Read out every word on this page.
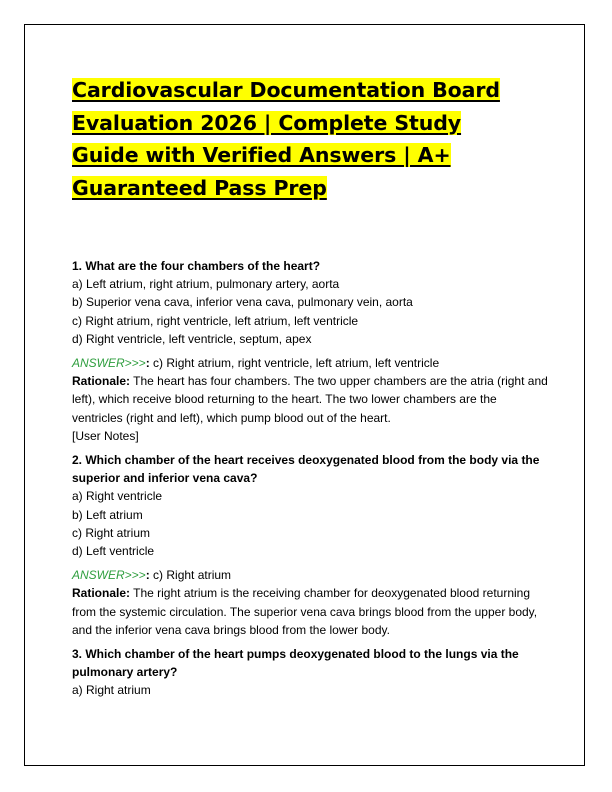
Cardiovascular Documentation Board
Evaluation 2026 | Complete Study
Guide with Verified Answers | A+
Guaranteed Pass Prep
1. What are the four chambers of the heart?
a) Left atrium, right atrium, pulmonary artery, aorta
b) Superior vena cava, inferior vena cava, pulmonary vein, aorta
c) Right atrium, right ventricle, left atrium, left ventricle
d) Right ventricle, left ventricle, septum, apex
ANSWER>>>: c) Right atrium, right ventricle, left atrium, left ventricle
Rationale: The heart has four chambers. The two upper chambers are the atria (right and left), which receive blood returning to the heart. The two lower chambers are the ventricles (right and left), which pump blood out of the heart.
[User Notes]
2. Which chamber of the heart receives deoxygenated blood from the body via the superior and inferior vena cava?
a) Right ventricle
b) Left atrium
c) Right atrium
d) Left ventricle
ANSWER>>>: c) Right atrium
Rationale: The right atrium is the receiving chamber for deoxygenated blood returning from the systemic circulation. The superior vena cava brings blood from the upper body, and the inferior vena cava brings blood from the lower body.
3. Which chamber of the heart pumps deoxygenated blood to the lungs via the pulmonary artery?
a) Right atrium
